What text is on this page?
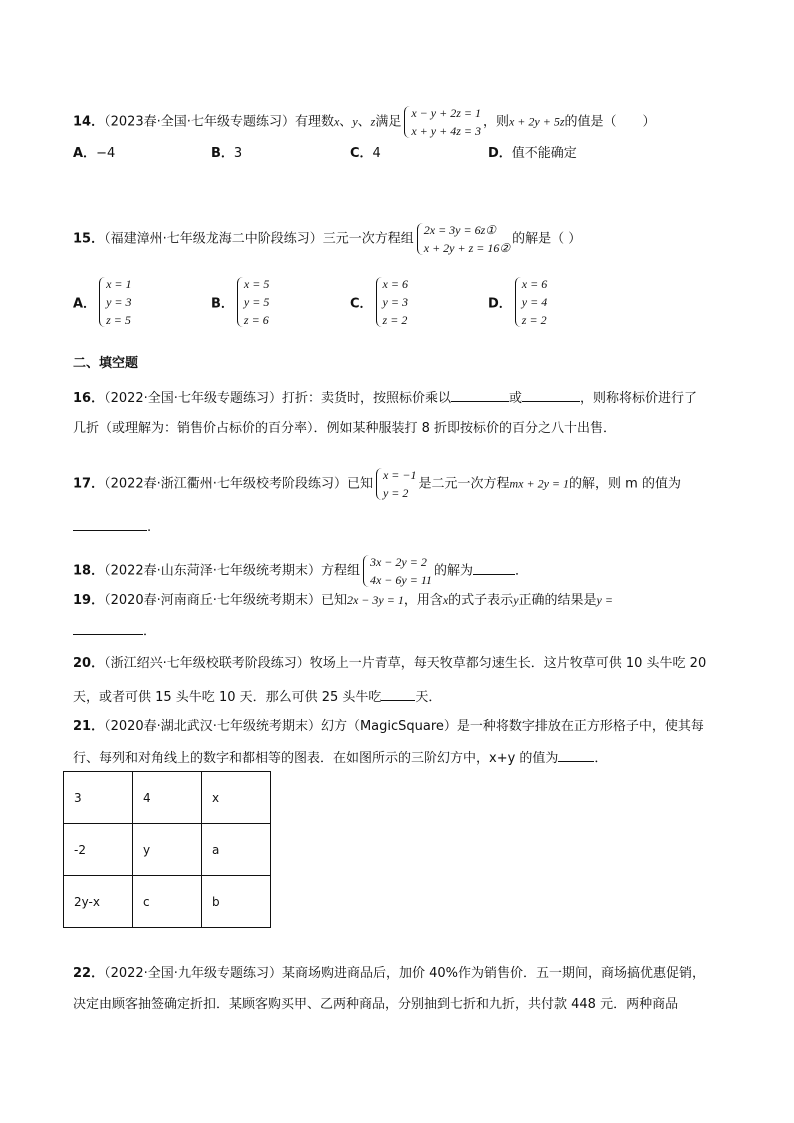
14．（2023春·全国·七年级专题练习）有理数x、y、z满足
x − y + 2z = 1
x + y + 4z = 3
，则x + 2y + 5z的值是（　　）
A．−4	B．3	C．4	D．值不能确定
15．（福建漳州·七年级龙海二中阶段练习）三元一次方程组
2x = 3y = 6z①
x + 2y + z = 16②
的解是（ ）
A．
x = 1
y = 3
z = 5
B．
x = 5
y = 5
z = 6
C．
x = 6
y = 3
z = 2
D．
x = 6
y = 4
z = 2
二、填空题
16．（2022·全国·七年级专题练习）打折：卖货时，按照标价乘以	或	，则称将标价进行了
几折（或理解为：销售价占标价的百分率）．例如某种服装打 8 折即按标价的百分之八十出售．
17．（2022春·浙江衢州·七年级校考阶段练习）已知
x = −1
y = 2
是二元一次方程mx + 2y = 1的解，则 m 的值为
.
18．（2022春·山东菏泽·七年级统考期末）方程组
3x − 2y = 2
4x − 6y = 11
的解为	．
19．（2020春·河南商丘·七年级统考期末）已知2x − 3y = 1，用含x的式子表示y正确的结果是y =
．
20．（浙江绍兴·七年级校联考阶段练习）牧场上一片青草，每天牧草都匀速生长．这片牧草可供 10 头牛吃 20
天，或者可供 15 头牛吃 10 天．那么可供 25 头牛吃	天．
21．（2020春·湖北武汉·七年级统考期末）幻方（MagicSquare）是一种将数字排放在正方形格子中，使其每
行、每列和对角线上的数字和都相等的图表．在如图所示的三阶幻方中，x+y 的值为	．
3	4	x
-2	y	a
2y-x	c	b
22．（2022·全国·九年级专题练习）某商场购进商品后，加价 40%作为销售价．五一期间，商场搞优惠促销，
决定由顾客抽签确定折扣．某顾客购买甲、乙两种商品，分别抽到七折和九折，共付款 448 元．两种商品
